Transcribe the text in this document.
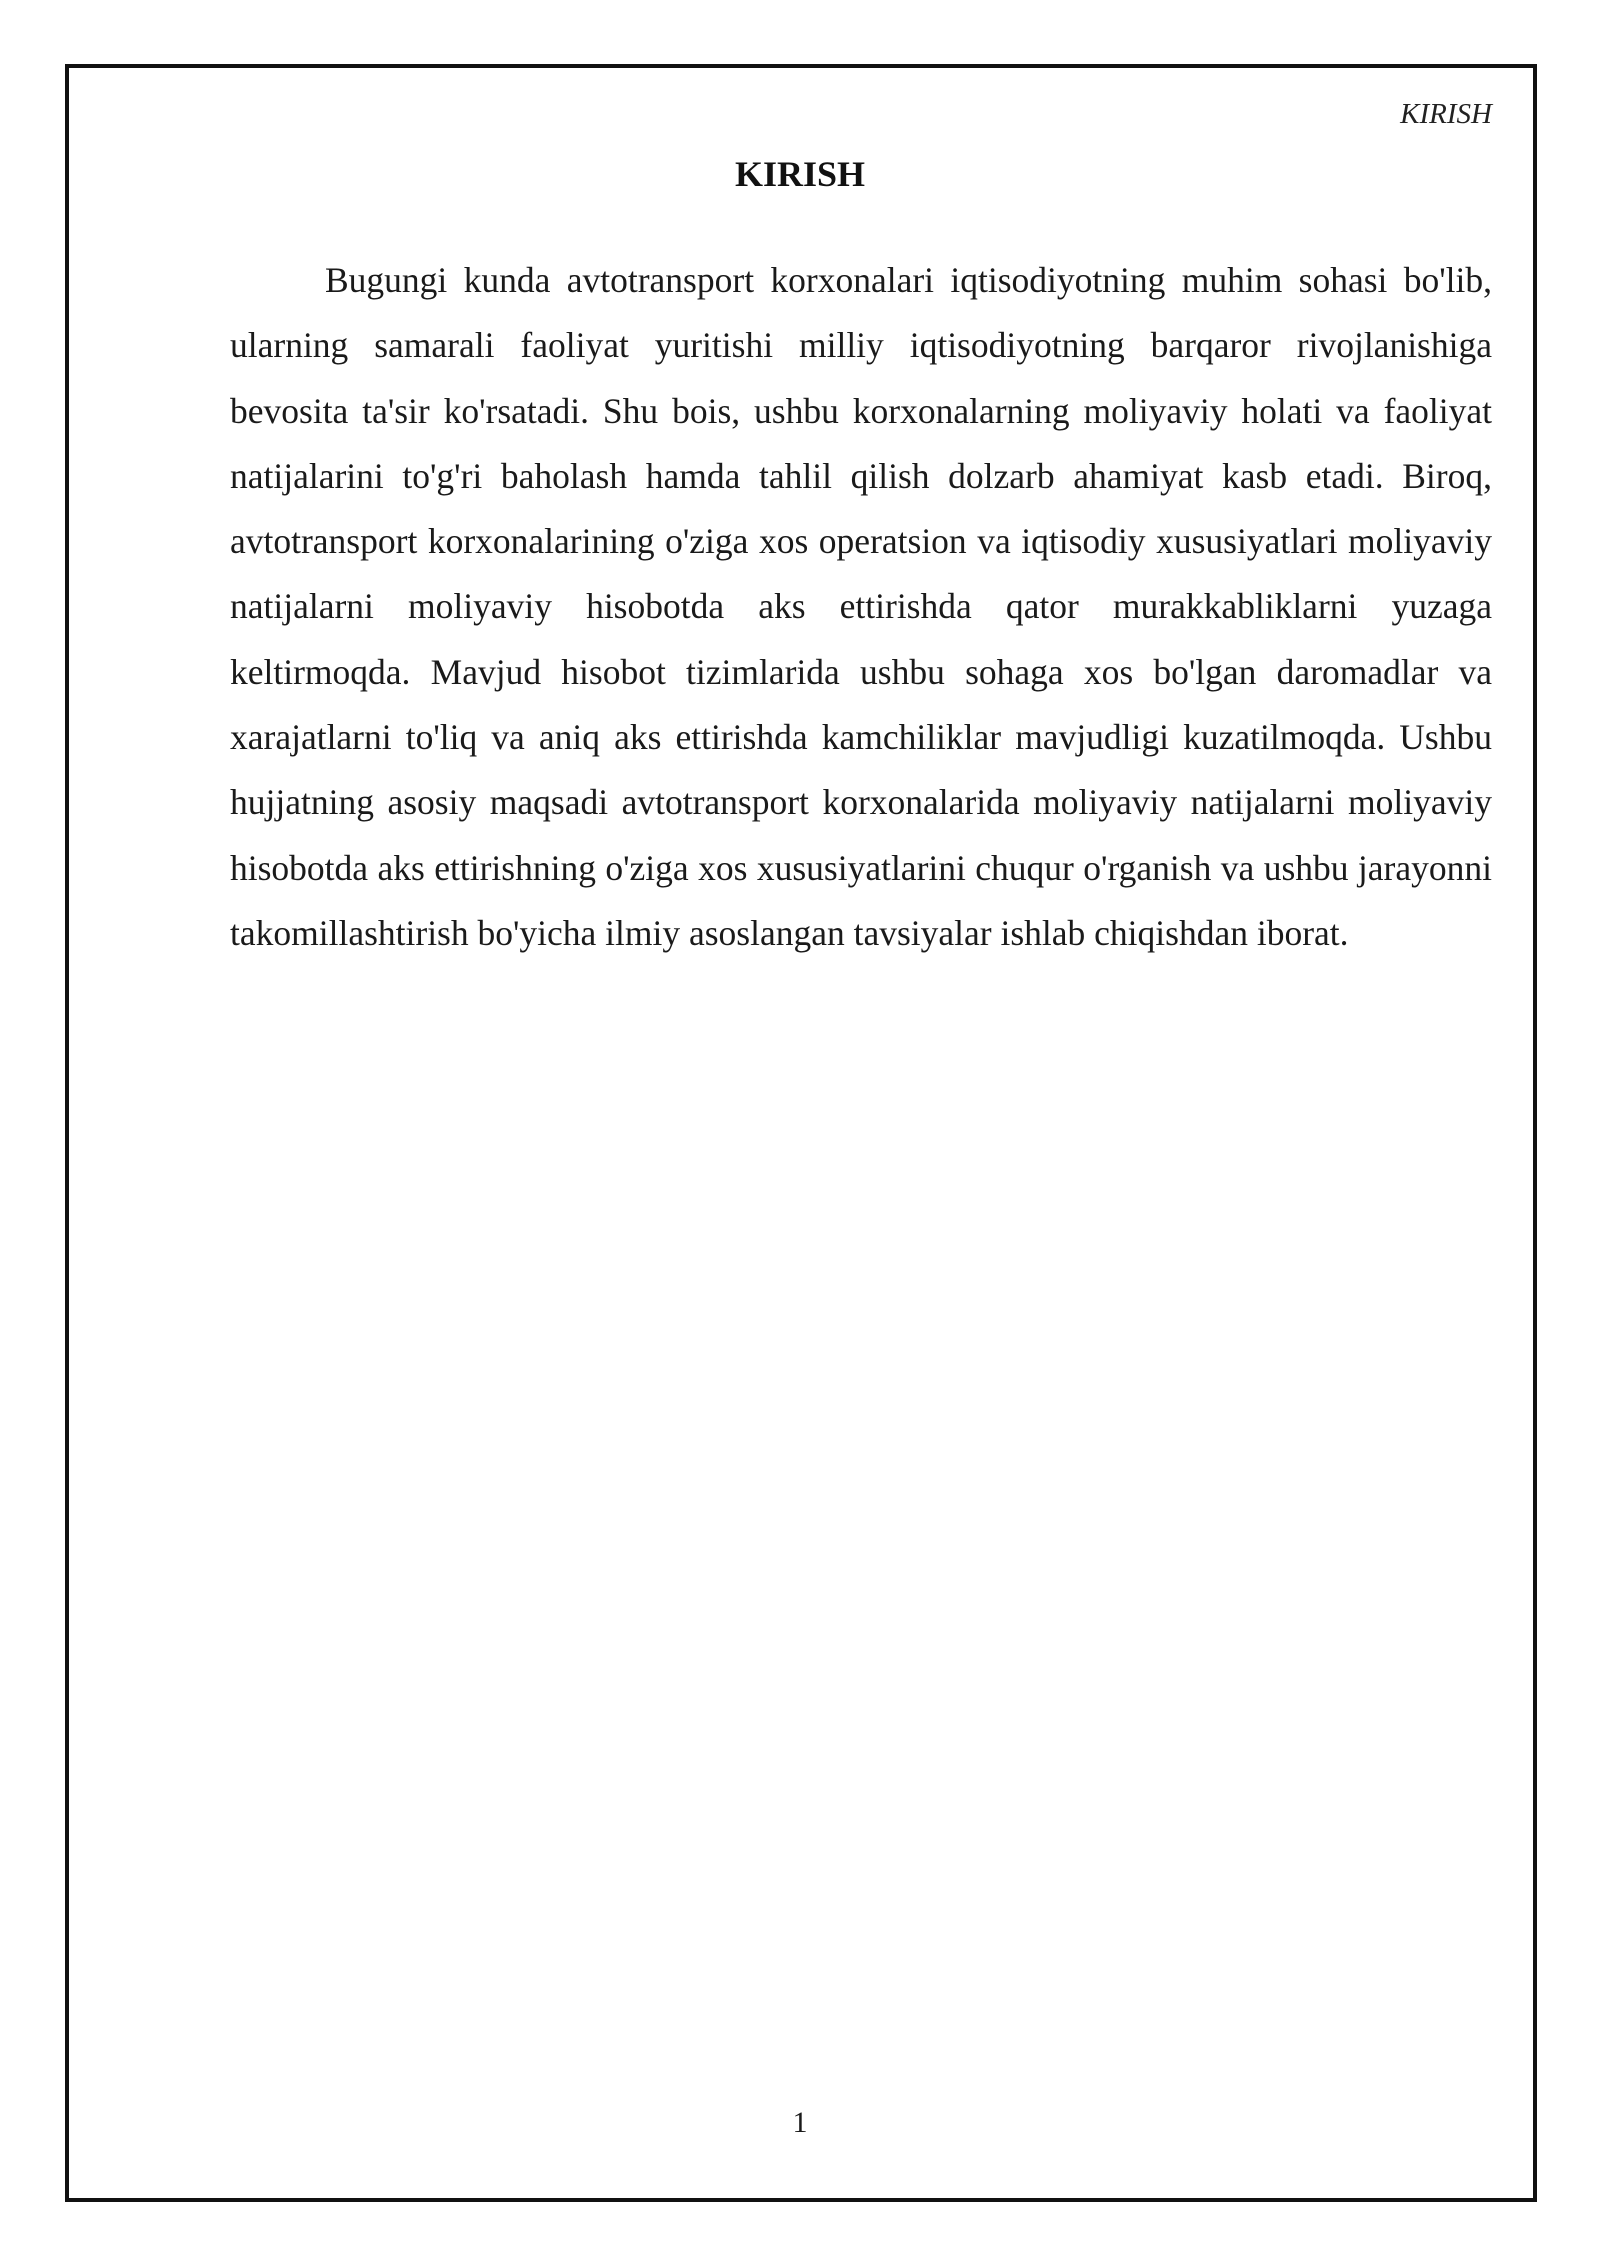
KIRISH
KIRISH

Bugungi kunda avtotransport korxonalari iqtisodiyotning muhim sohasi bo'lib, ularning samarali faoliyat yuritishi milliy iqtisodiyotning barqaror rivojlanishiga bevosita ta'sir ko'rsatadi. Shu bois, ushbu korxonalarning moliyaviy holati va faoliyat natijalarini to'g'ri baholash hamda tahlil qilish dolzarb ahamiyat kasb etadi. Biroq, avtotransport korxonalarining o'ziga xos operatsion va iqtisodiy xususiyatlari moliyaviy natijalarni moliyaviy hisobotda aks ettirishda qator murakkabliklarni yuzaga keltirmoqda. Mavjud hisobot tizimlarida ushbu sohaga xos bo'lgan daromadlar va xarajatlarni to'liq va aniq aks ettirishda kamchiliklar mavjudligi kuzatilmoqda. Ushbu hujjatning asosiy maqsadi avtotransport korxonalarida moliyaviy natijalarni moliyaviy hisobotda aks ettirishning o'ziga xos xususiyatlarini chuqur o'rganish va ushbu jarayonni takomillashtirish bo'yicha ilmiy asoslangan tavsiyalar ishlab chiqishdan iborat.

1
